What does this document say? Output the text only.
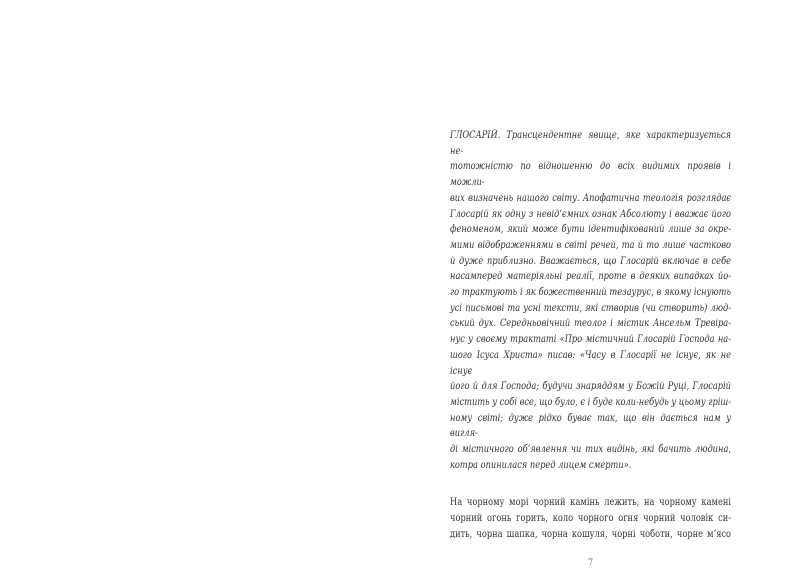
ГЛОСАРІЙ. Трансцендентне явище, яке характеризується не-
тотожністю по відношенню до всіх видимих проявів і можли-
вих визначень нашого світу. Апофатична теологія розглядає
Глосарій як одну з невід’ємних ознак Абсолюту і вважає його
феноменом, який може бути ідентифікований лише за окре-
мими відображеннями в світі речей, та й то лише частково
й дуже приблизно. Вважається, що Глосарій включає в себе
насамперед матеріяльні реалії, проте в деяких випадках йо-
го трактують і як божественний тезаурус, в якому існують
усі письмові та усні тексти, які створив (чи створить) люд-
ський дух. Середньовічний теолог і містик Ансельм Тревіра-
нус у своєму трактаті «Про містичний Глосарій Господа на-
шого Ісуса Христа» писав: «Часу в Глосарії не існує, як не існує
його й для Господа; будучи знаряддям у Божій Руці, Глосарій
містить у собі все, що було, є і буде коли-небудь у цьому гріш-
ному світі; дуже рідко буває так, що він дається нам у вигля-
ді містичного об’явлення чи тих видінь, які бачить людина,
котра опинилася перед лицем смерти».
На чорному морі чорний камінь лежить, на чорному камені
чорний огонь горить, коло чорного огня чорний чоловік си-
дить, чорна шапка, чорна кошуля, чорні чоботи, чорне м’ясо
7
